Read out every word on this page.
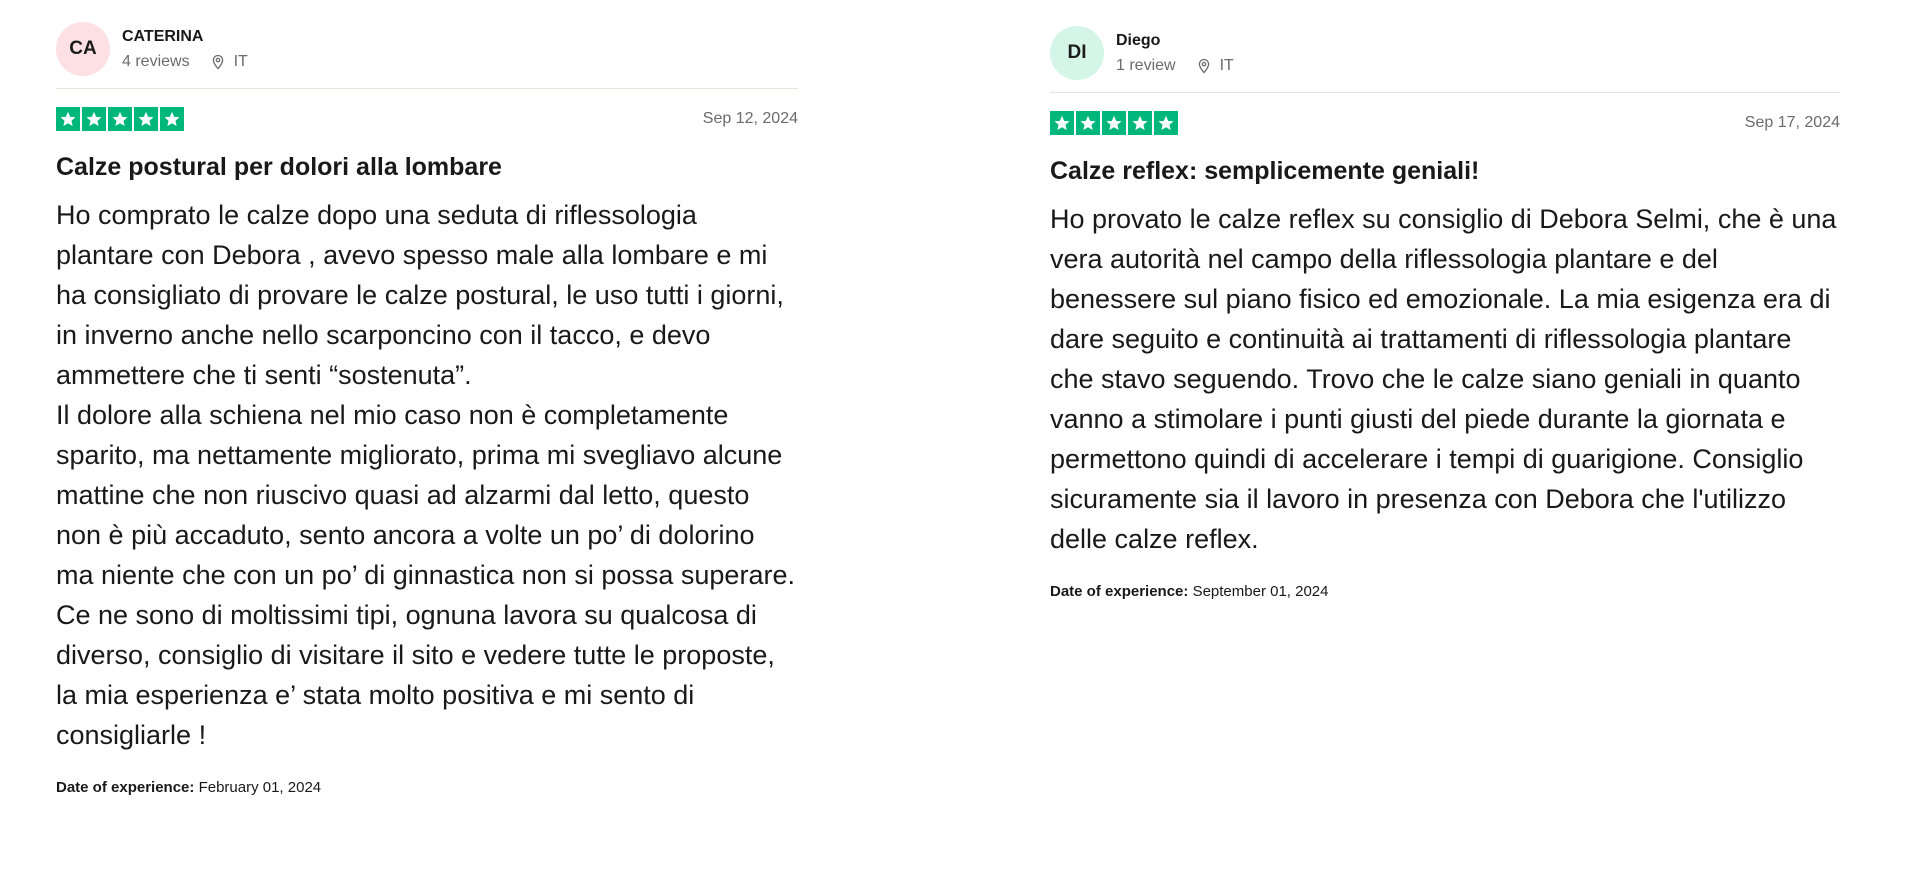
CA
CATERINA
4 reviews	IT
Sep 12, 2024
Calze postural per dolori alla lombare
Ho comprato le calze dopo una seduta di riflessologia plantare con Debora , avevo spesso male alla lombare e mi ha consigliato di provare le calze postural, le uso tutti i giorni, in inverno anche nello scarponcino con il tacco, e devo ammettere che ti senti “sostenuta”.
Il dolore alla schiena nel mio caso non è completamente sparito, ma nettamente migliorato, prima mi svegliavo alcune mattine che non riuscivo quasi ad alzarmi dal letto, questo non è più accaduto, sento ancora a volte un po’ di dolorino ma niente che con un po’ di ginnastica non si possa superare.
Ce ne sono di moltissimi tipi, ognuna lavora su qualcosa di diverso, consiglio di visitare il sito e vedere tutte le proposte, la mia esperienza e’ stata molto positiva e mi sento di consigliarle !
Date of experience: February 01, 2024
DI
Diego
1 review	IT
Sep 17, 2024
Calze reflex: semplicemente geniali!
Ho provato le calze reflex su consiglio di Debora Selmi, che è una vera autorità nel campo della riflessologia plantare e del benessere sul piano fisico ed emozionale. La mia esigenza era di dare seguito e continuità ai trattamenti di riflessologia plantare che stavo seguendo. Trovo che le calze siano geniali in quanto vanno a stimolare i punti giusti del piede durante la giornata e permettono quindi di accelerare i tempi di guarigione. Consiglio sicuramente sia il lavoro in presenza con Debora che l'utilizzo delle calze reflex.
Date of experience: September 01, 2024
